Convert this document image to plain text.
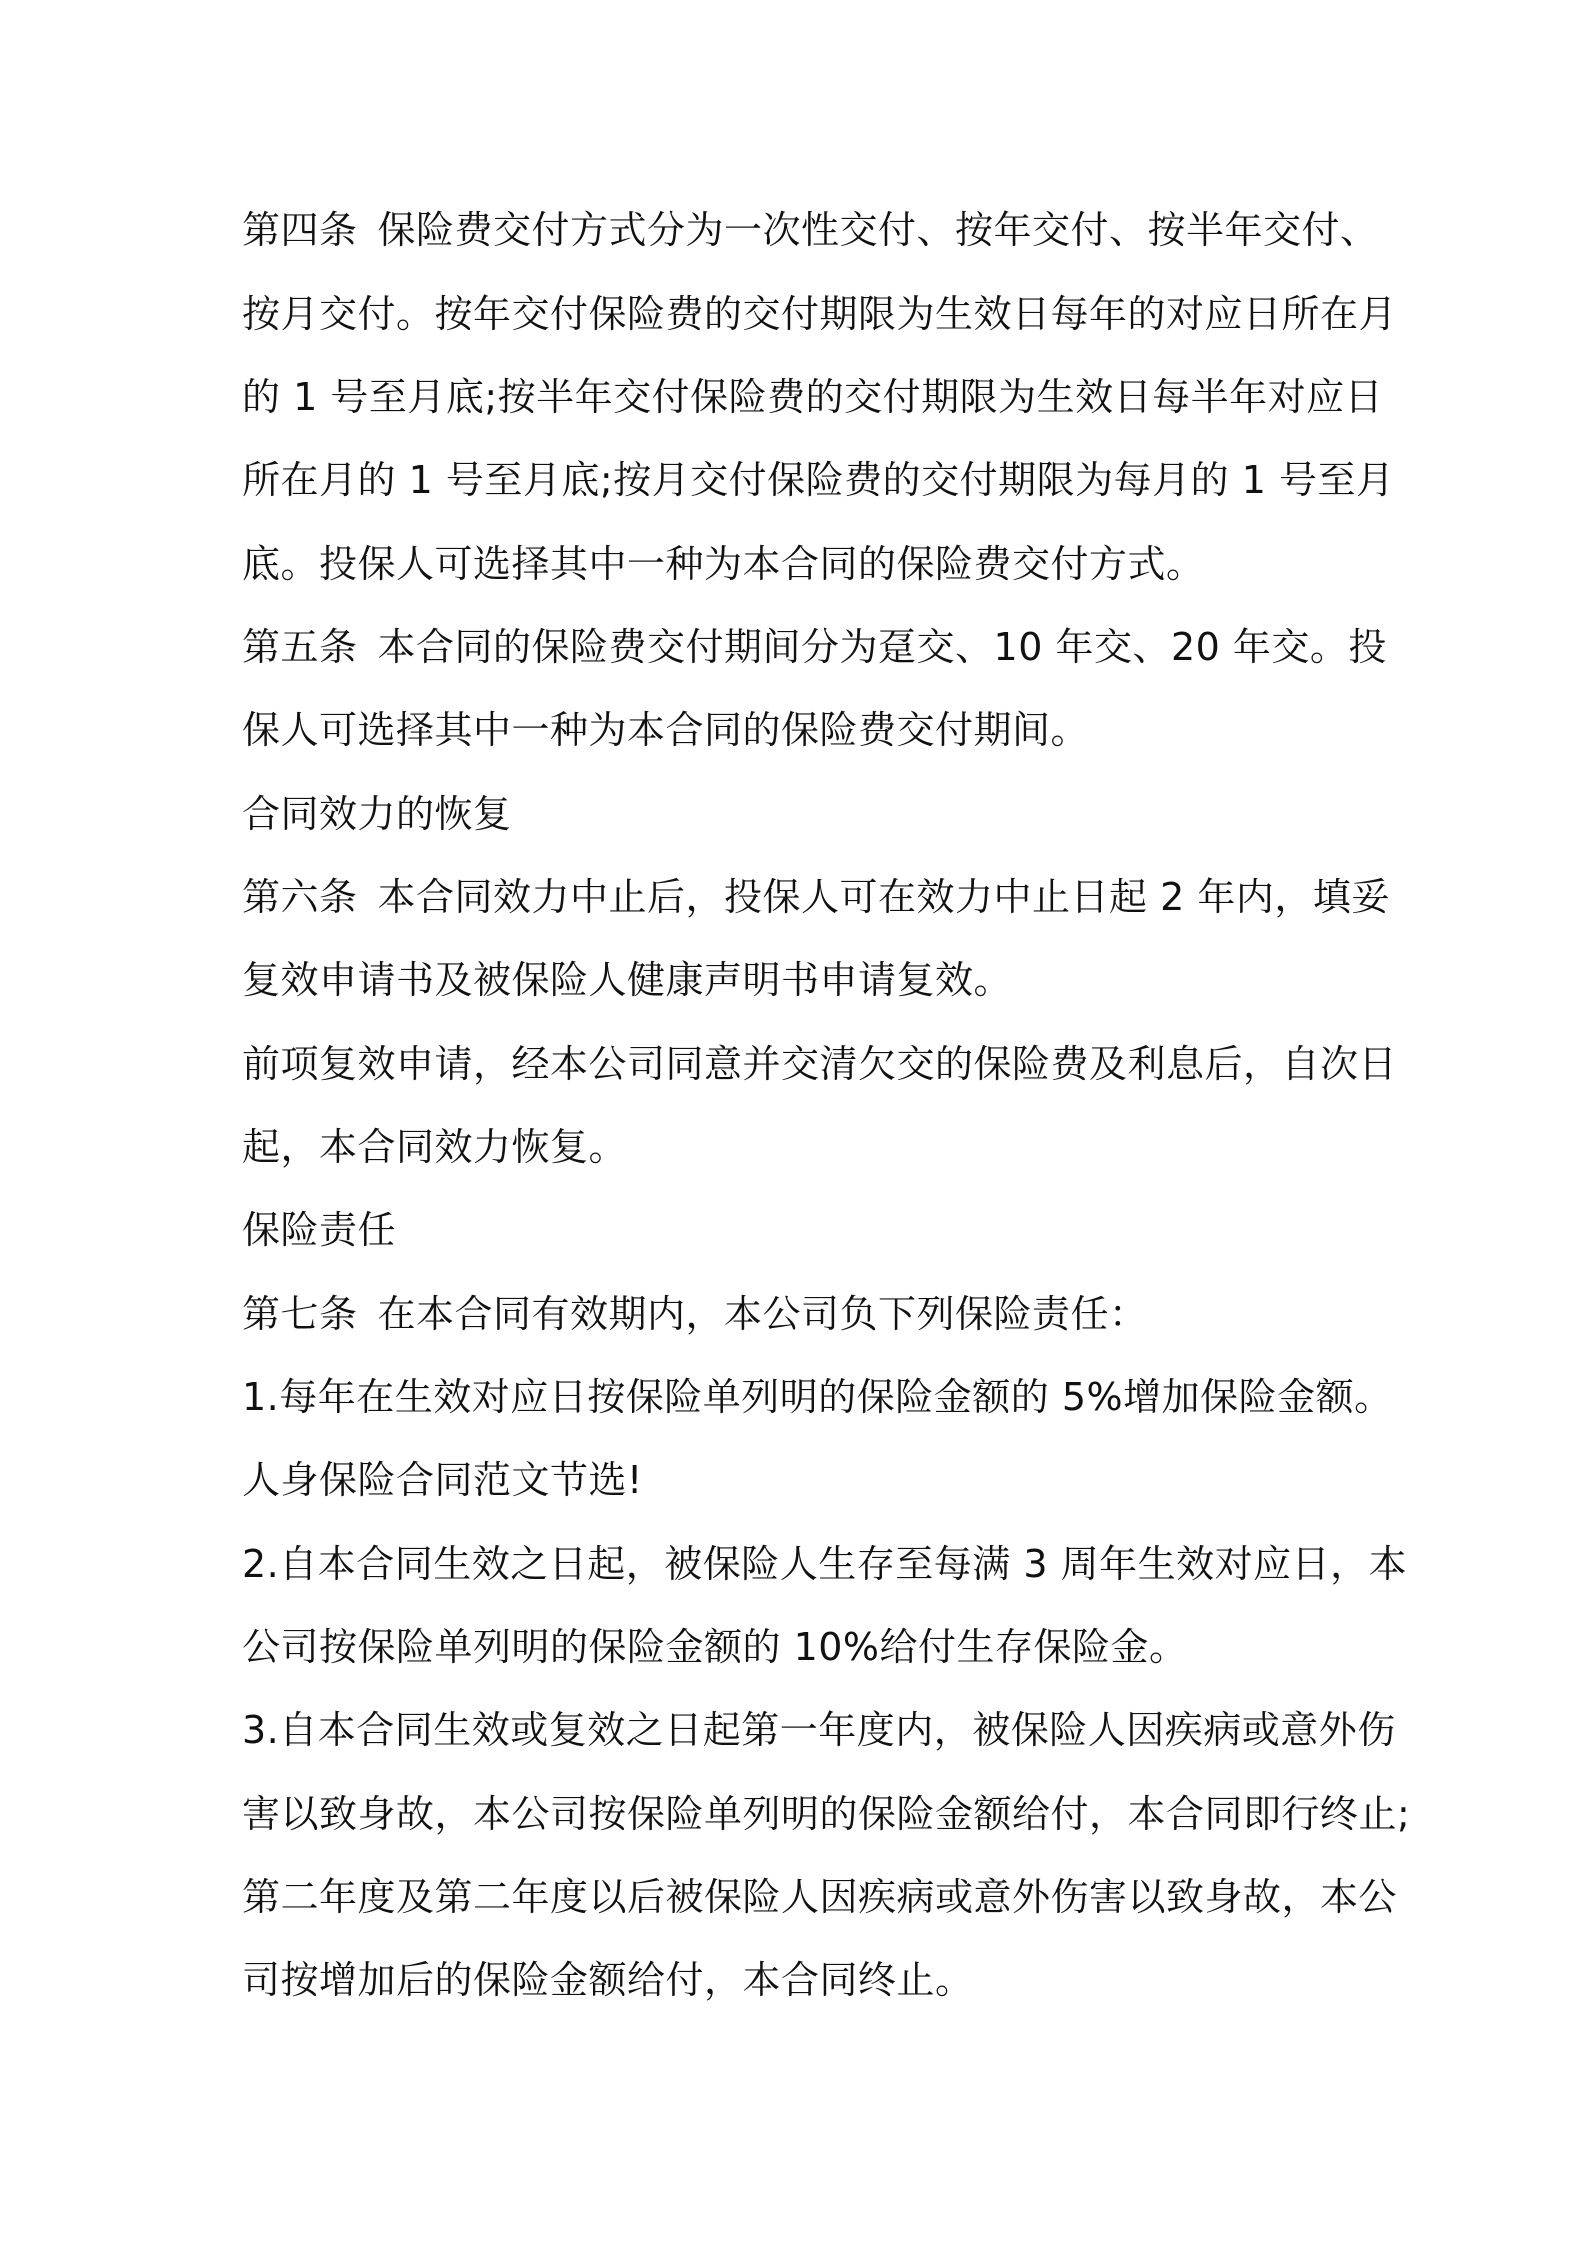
第四条 保险费交付方式分为一次性交付、按年交付、按半年交付、
按月交付。按年交付保险费的交付期限为生效日每年的对应日所在月
的 1 号至月底;按半年交付保险费的交付期限为生效日每半年对应日
所在月的 1 号至月底;按月交付保险费的交付期限为每月的 1 号至月
底。投保人可选择其中一种为本合同的保险费交付方式。
第五条 本合同的保险费交付期间分为趸交、10 年交、20 年交。投
保人可选择其中一种为本合同的保险费交付期间。
合同效力的恢复
第六条 本合同效力中止后，投保人可在效力中止日起 2 年内，填妥
复效申请书及被保险人健康声明书申请复效。
前项复效申请，经本公司同意并交清欠交的保险费及利息后，自次日
起，本合同效力恢复。
保险责任
第七条 在本合同有效期内，本公司负下列保险责任：
1.每年在生效对应日按保险单列明的保险金额的 5%增加保险金额。
人身保险合同范文节选!
2.自本合同生效之日起，被保险人生存至每满 3 周年生效对应日，本
公司按保险单列明的保险金额的 10%给付生存保险金。
3.自本合同生效或复效之日起第一年度内，被保险人因疾病或意外伤
害以致身故，本公司按保险单列明的保险金额给付，本合同即行终止;
第二年度及第二年度以后被保险人因疾病或意外伤害以致身故，本公
司按增加后的保险金额给付，本合同终止。
